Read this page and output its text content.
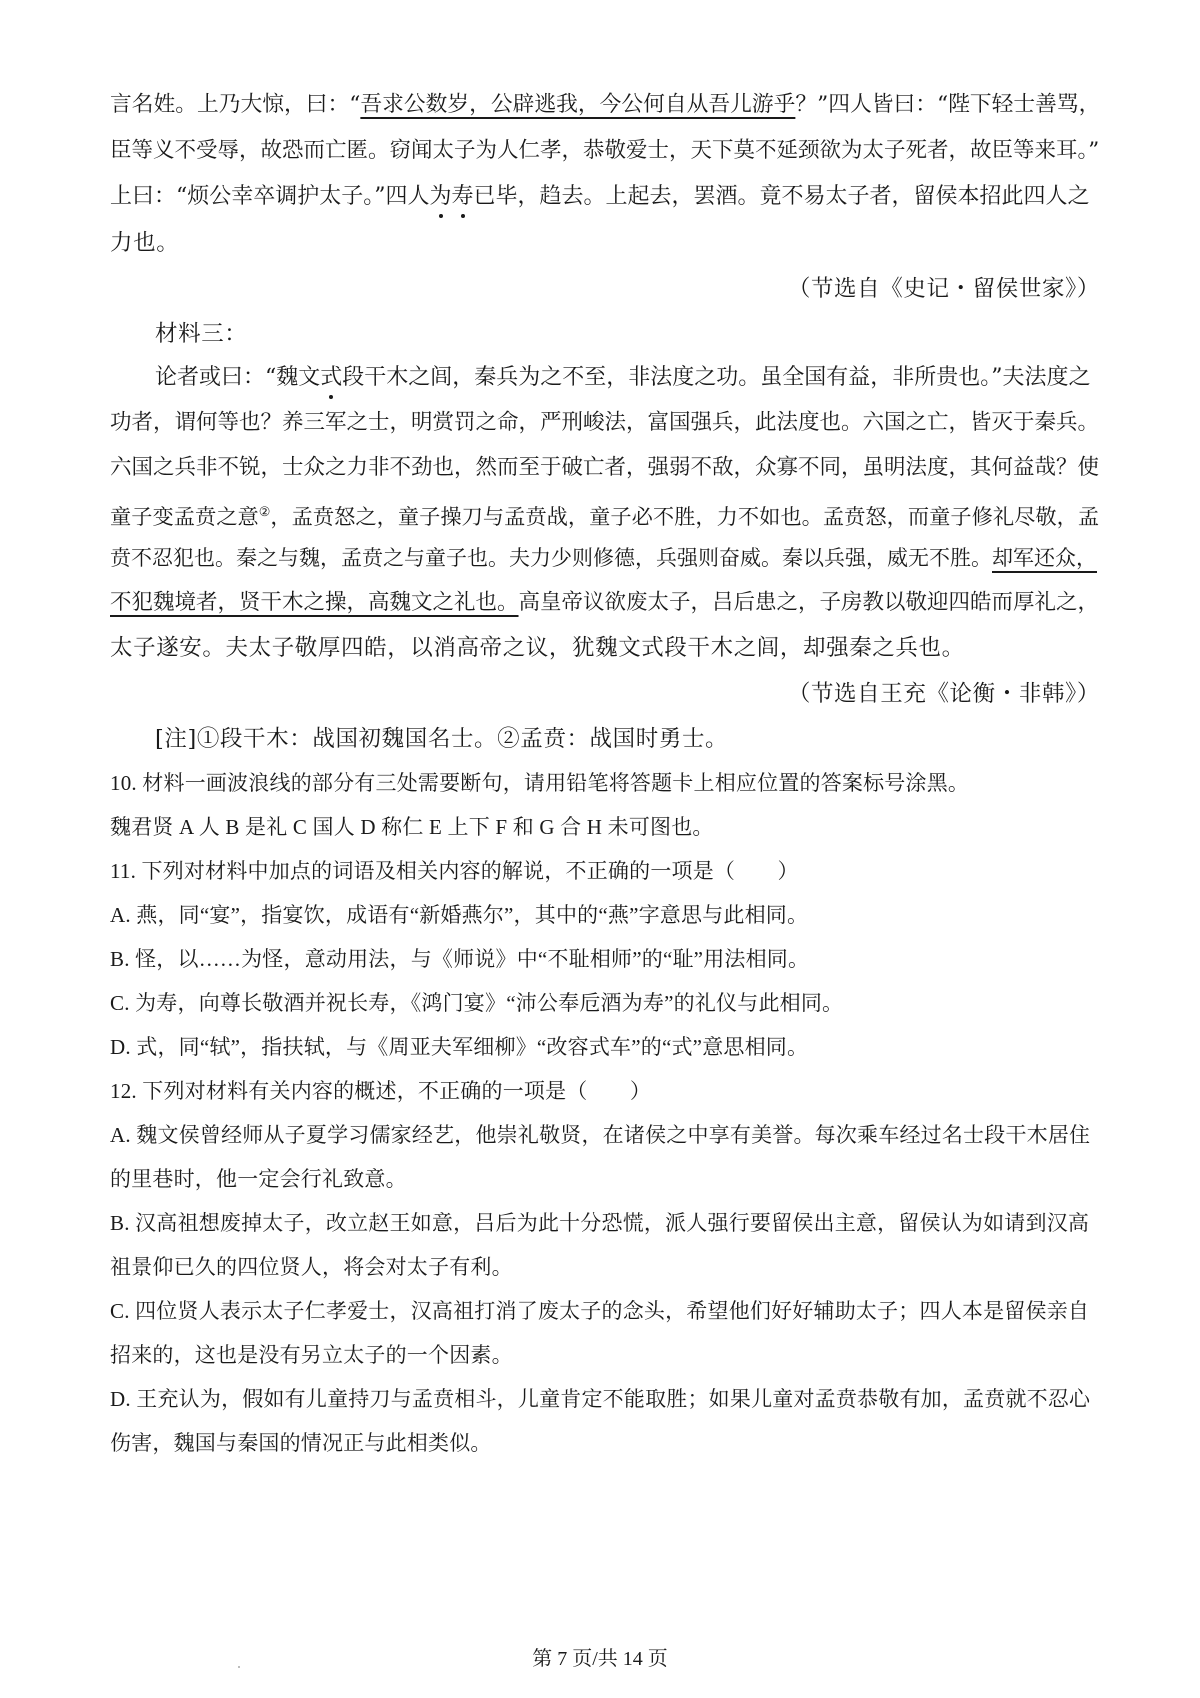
言名姓。上乃大惊，曰：“吾求公数岁，公辟逃我，今公何自从吾儿游乎？”四人皆曰：“陛下轻士善骂，
臣等义不受辱，故恐而亡匿。窃闻太子为人仁孝，恭敬爱士，天下莫不延颈欲为太子死者，故臣等来耳。”
上曰：“烦公幸卒调护太子。”四人为寿已毕，趋去。上起去，罢酒。竟不易太子者，留侯本招此四人之
力也。
（节选自《史记・留侯世家》）
材料三：
论者或曰：“魏文式段干木之闾，秦兵为之不至，非法度之功。虽全国有益，非所贵也。”夫法度之
功者，谓何等也？养三军之士，明赏罚之命，严刑峻法，富国强兵，此法度也。六国之亡，皆灭于秦兵。
六国之兵非不锐，士众之力非不劲也，然而至于破亡者，强弱不敌，众寡不同，虽明法度，其何益哉？使
童子变孟贲之意②，孟贲怒之，童子操刀与孟贲战，童子必不胜，力不如也。孟贲怒，而童子修礼尽敬，孟
贲不忍犯也。秦之与魏，孟贲之与童子也。夫力少则修德，兵强则奋威。秦以兵强，威无不胜。却军还众，
不犯魏境者，贤干木之操，高魏文之礼也。高皇帝议欲废太子，吕后患之，子房教以敬迎四皓而厚礼之，
太子遂安。夫太子敬厚四皓，以消高帝之议，犹魏文式段干木之闾，却强秦之兵也。
（节选自王充《论衡・非韩》）
[注]①段干木：战国初魏国名士。②孟贲：战国时勇士。
10. 材料一画波浪线的部分有三处需要断句，请用铅笔将答题卡上相应位置的答案标号涂黑。
魏君贤 A 人 B 是礼 C 国人 D 称仁 E 上下 F 和 G 合 H 未可图也。
11. 下列对材料中加点的词语及相关内容的解说，不正确的一项是（　　）
A. 燕，同“宴”，指宴饮，成语有“新婚燕尔”，其中的“燕”字意思与此相同。
B. 怪，以……为怪，意动用法，与《师说》中“不耻相师”的“耻”用法相同。
C. 为寿，向尊长敬酒并祝长寿，《鸿门宴》“沛公奉卮酒为寿”的礼仪与此相同。
D. 式，同“轼”，指扶轼，与《周亚夫军细柳》“改容式车”的“式”意思相同。
12. 下列对材料有关内容的概述，不正确的一项是（　　）
A. 魏文侯曾经师从子夏学习儒家经艺，他崇礼敬贤，在诸侯之中享有美誉。每次乘车经过名士段干木居住
的里巷时，他一定会行礼致意。
B. 汉高祖想废掉太子，改立赵王如意，吕后为此十分恐慌，派人强行要留侯出主意，留侯认为如请到汉高
祖景仰已久的四位贤人，将会对太子有利。
C. 四位贤人表示太子仁孝爱士，汉高祖打消了废太子的念头，希望他们好好辅助太子；四人本是留侯亲自
招来的，这也是没有另立太子的一个因素。
D. 王充认为，假如有儿童持刀与孟贲相斗，儿童肯定不能取胜；如果儿童对孟贲恭敬有加，孟贲就不忍心
伤害，魏国与秦国的情况正与此相类似。
第 7 页/共 14 页
